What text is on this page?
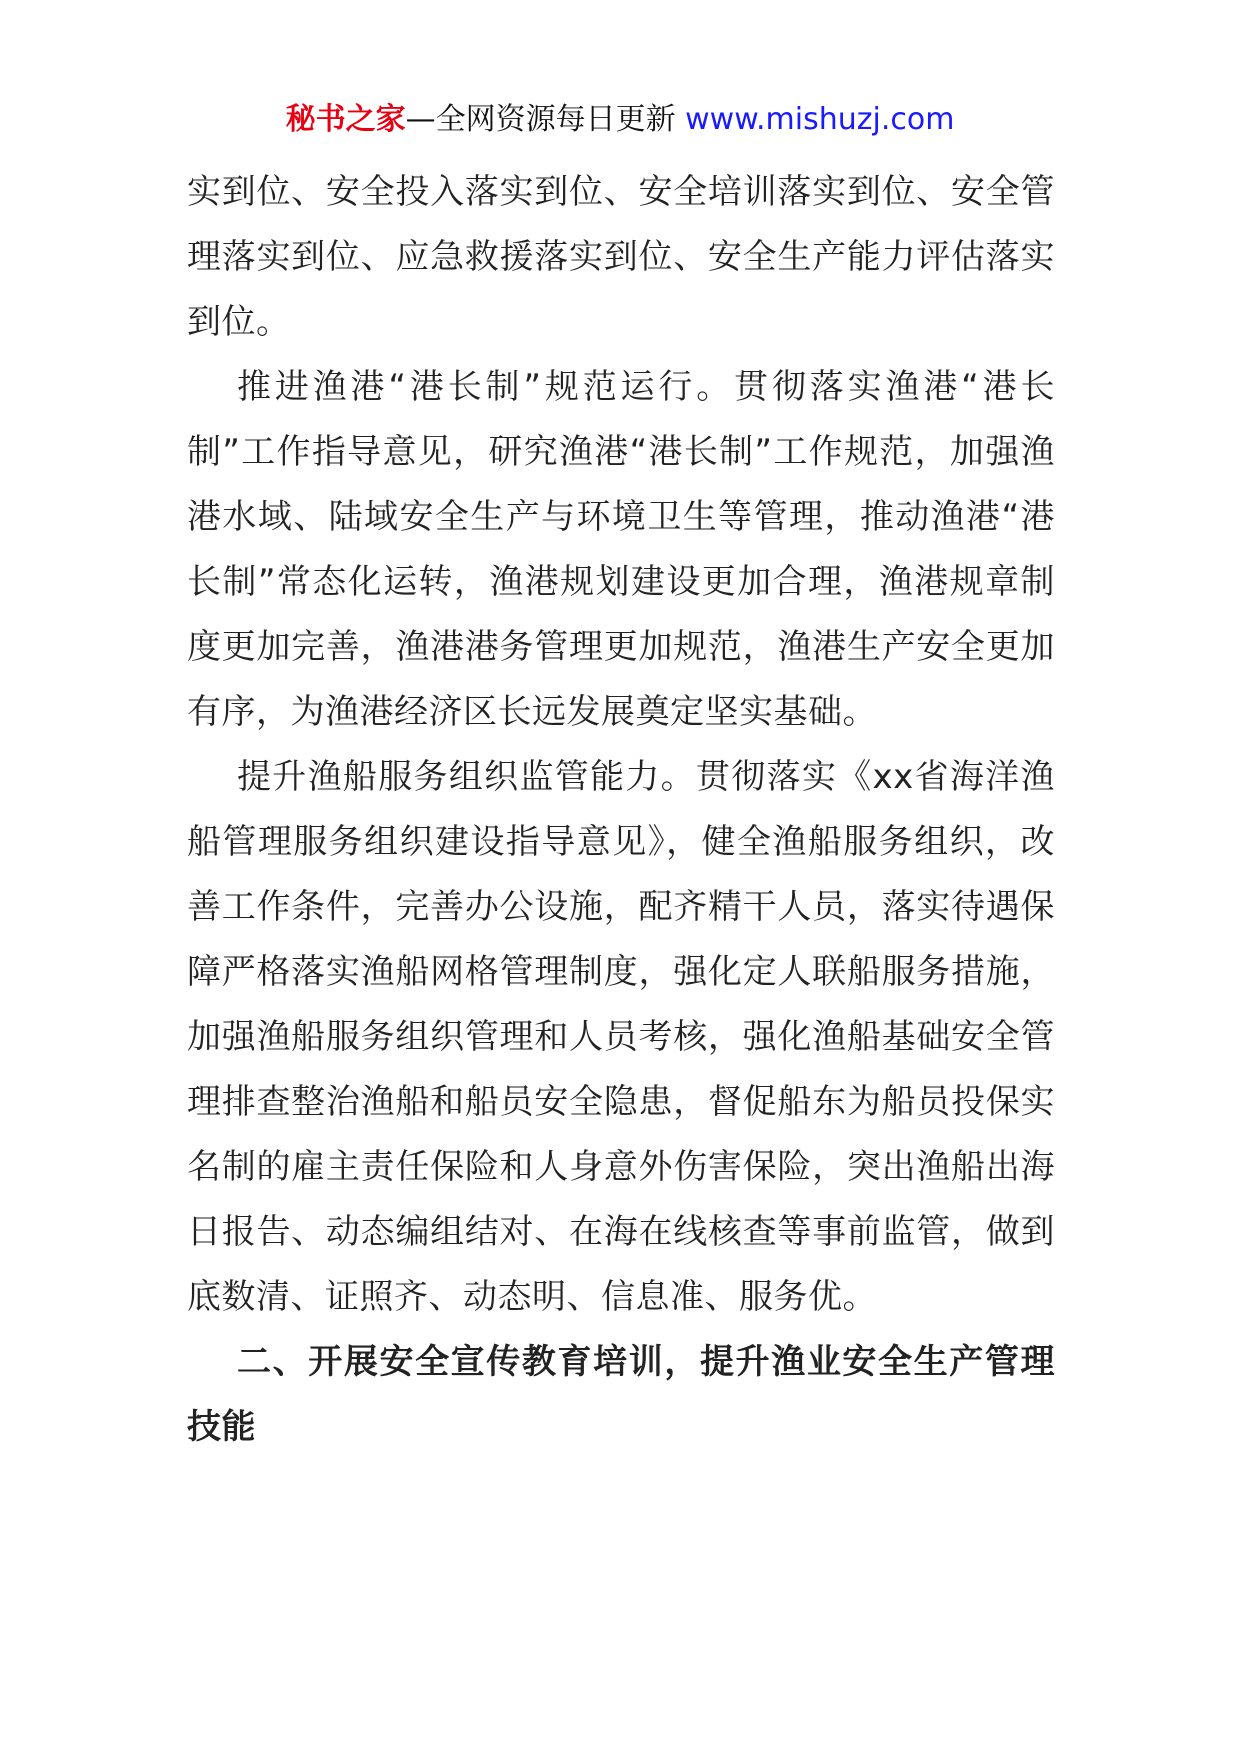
秘书之家—全网资源每日更新 www.mishuzj.com

实到位、安全投入落实到位、安全培训落实到位、安全管理落实到位、应急救援落实到位、安全生产能力评估落实到位。

推进渔港“港长制”规范运行。贯彻落实渔港“港长制”工作指导意见，研究渔港“港长制”工作规范，加强渔港水域、陆域安全生产与环境卫生等管理，推动渔港“港长制”常态化运转，渔港规划建设更加合理，渔港规章制度更加完善，渔港港务管理更加规范，渔港生产安全更加有序，为渔港经济区长远发展奠定坚实基础。

提升渔船服务组织监管能力。贯彻落实《xx省海洋渔船管理服务组织建设指导意见》，健全渔船服务组织，改善工作条件，完善办公设施，配齐精干人员，落实待遇保障严格落实渔船网格管理制度，强化定人联船服务措施，加强渔船服务组织管理和人员考核，强化渔船基础安全管理排查整治渔船和船员安全隐患，督促船东为船员投保实名制的雇主责任保险和人身意外伤害保险，突出渔船出海日报告、动态编组结对、在海在线核查等事前监管，做到底数清、证照齐、动态明、信息准、服务优。

二、开展安全宣传教育培训，提升渔业安全生产管理技能
